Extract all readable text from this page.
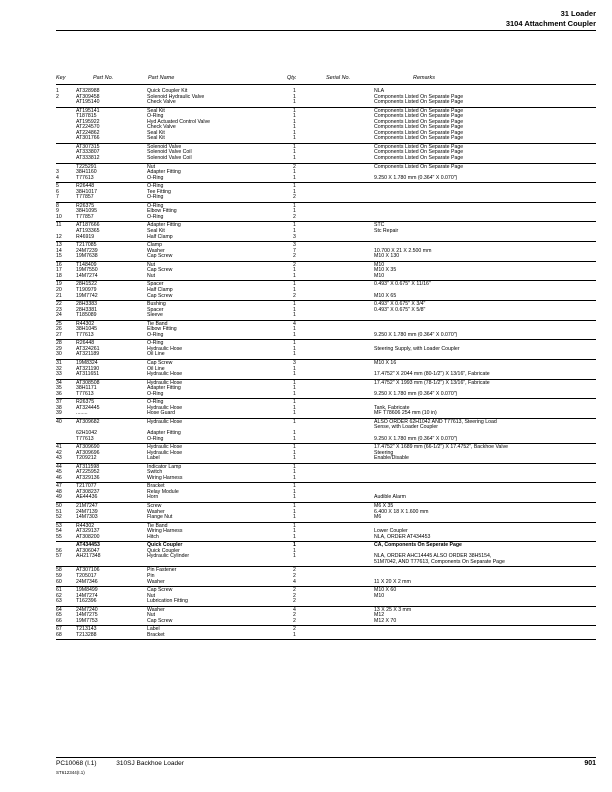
31 Loader
3104 Attachment Coupler
Key	Part No.	Part Name	Qty.	Serial No.	Remarks
1	AT328988	Quick Coupler Kit	1	NLA
2	AT309458	Solenoid Hydraulic Valve	1	Components Listed On Separate Page
AT195140	Check Valve	1	Components Listed On Separate Page
AT195141	Seal Kit	1	Components Listed On Separate Page
T187815	O-Ring	1	Components Listed On Separate Page
AT195922	Hyd Actuated Control Valve	1	Components Listed On Separate Page
AT224570	Check Valve	1	Components Listed On Separate Page
AT224862	Seal Kit	1	Components Listed On Separate Page
AT301766	Seal Kit	1	Components Listed On Separate Page
AT307315	Solenoid Valve	1	Components Listed On Separate Page
AT333807	Solenoid Valve Coil	1	Components Listed On Separate Page
AT333812	Solenoid Valve Coil	1	Components Listed On Separate Page
T225291	Nut	2	Components Listed On Separate Page
3	38H1160	Adapter Fitting	1
4	T77613	O-Ring	1	9.250 X 1.780 mm (0.364" X 0.070")
5	R26448	O-Ring	1
6	38H1017	Tee Fitting	1
7	T77857	O-Ring	2
8	R26375	O-Ring	1
9	38H1095	Elbow Fitting	1
10	T77857	O-Ring	2
11	AT187666	Adapter Fitting	1	STC
AT193365	Seal Kit	1	Stc Repair
12	R46919	Half Clamp	3
13	T217085	Clamp	3
14	24M7239	Washer	7	10.700 X 21 X 2.500 mm
15	19M7638	Cap Screw	2	M10 X 130
16	T148409	Nut	2	M10
17	19M7550	Cap Screw	1	M10 X 35
18	14M7274	Nut	1	M10
19	28H1522	Spacer	1	0.493" X 0.675" X 11/16"
20	T190979	Half Clamp	1
21	19M7742	Cap Screw	2	M10 X 65
22	28H3383	Bushing	1	0.493" X 0.675" X 3/4"
23	28H3381	Spacer	1	0.493" X 0.675" X 5/8"
24	T185089	Sleeve	1
25	R44302	Tie Band	4
26	38H1045	Elbow Fitting	1
27	T77613	O-Ring	1	9.250 X 1.780 mm (0.364" X 0.070")
28	R26448	O-Ring	1
29	AT324261	Hydraulic Hose	1	Steering Supply, with Loader Coupler
30	AT321189	Oil Line	1
31	19M8324	Cap Screw	3	M10 X 16
32	AT321190	Oil Line	1
33	AT311651	Hydraulic Hose	1	17.4752" X 2044 mm (80-1/2") X 13/16", Fabricate
34	AT308508	Hydraulic Hose	1	17.4752" X 1993 mm (78-1/2") X 13/16", Fabricate
35	38H1171	Adapter Fitting	1
36	T77613	O-Ring	1	9.250 X 1.780 mm (0.364" X 0.070")
37	R26375	O-Ring	1
38	AT324445	Hydraulic Hose	1	Tank, Fabricate
39	........	Hose Guard	1	MF T78606 254 mm (10 in)
40	AT309682	Hydraulic Hose	1	ALSO ORDER 62H1042 AND T77613, Steering Load
Sense, with Loader Coupler
62H1042	Adapter Fitting	1
T77613	O-Ring	1	9.250 X 1.780 mm (0.364" X 0.070")
41	AT309690	Hydraulic Hose	1	17.4752" X 1689 mm (66-1/2") X 17.4752", Backhoe Valve
42	AT309696	Hydraulic Hose	1	Steering
43	T209212	Label	1	Enable/Disable
44	AT311598	Indicator Lamp	1
45	AT225952	Switch	1
46	AT329136	Wiring Harness	1
47	T217077	Bracket	1
48	AT308237	Relay Module	1
49	AE44436	Horn	1	Audible Alarm
50	21M7247	Screw	1	M6 X 35
51	24M7139	Washer	1	6.400 X 18 X 1.600 mm
52	14M7303	Flange Nut	1	M6
53	R44302	Tie Band	1
54	AT329137	Wiring Harness	1	Lower Coupler
55	AT308200	Hitch	1	NLA, ORDER AT434453
AT434453	Quick Coupler	1	CA, Components On Seperate Page
56	AT306047	Quick Coupler	1
57	AH217348	Hydraulic Cylinder	1	NLA, ORDER AHC14445 ALSO ORDER 38H5154,
51M7042, AND T77613, Components On Separate Page
58	AT307106	Pin Fastener	2
59	T205017	Pin	2
60	24M7346	Washer	4	11 X 20 X 2 mm
61	19M8499	Cap Screw	2	M10 X 60
62	14M7274	Nut	2	M10
63	T162396	Lubrication Fitting	2
64	24M7240	Washer	4	13 X 25 X 3 mm
65	14M7275	Nut	2	M12
66	19M7753	Cap Screw	2	M12 X 70
67	T213143	Label	2
68	T213288	Bracket	1
PC10068 (I.1)	310SJ Backhoe Loader
ST612344(I.1)
901
